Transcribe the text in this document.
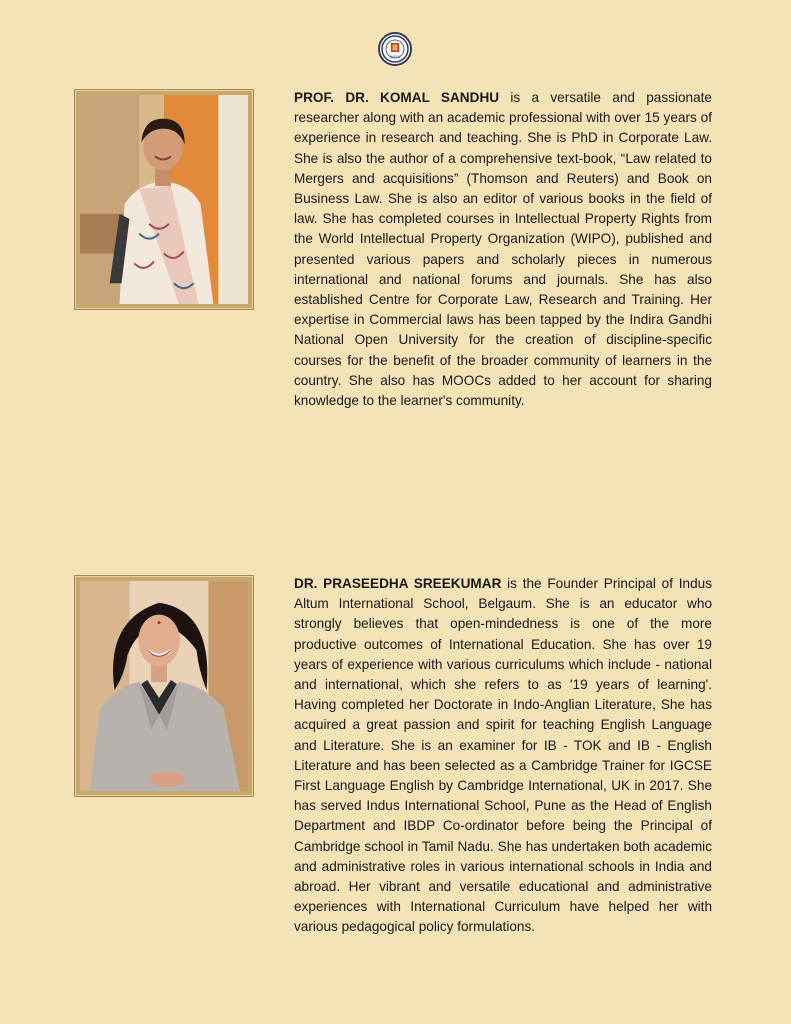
INDIA

PROF. DR. KOMAL SANDHU is a versatile and passionate researcher along with an academic professional with over 15 years of experience in research and teaching. She is PhD in Corporate Law. She is also the author of a comprehensive text-book, “Law related to Mergers and acquisitions” (Thomson and Reuters) and Book on Business Law. She is also an editor of various books in the field of law. She has completed courses in Intellectual Property Rights from the World Intellectual Property Organization (WIPO), published and presented various papers and scholarly pieces in numerous international and national forums and journals. She has also established Centre for Corporate Law, Research and Training. Her expertise in Commercial laws has been tapped by the Indira Gandhi National Open University for the creation of discipline-specific courses for the benefit of the broader community of learners in the country. She also has MOOCs added to her account for sharing knowledge to the learner's community.

DR. PRASEEDHA SREEKUMAR is the Founder Principal of Indus Altum International School, Belgaum. She is an educator who strongly believes that open-mindedness is one of the more productive outcomes of International Education. She has over 19 years of experience with various curriculums which include - national and international, which she refers to as '19 years of learning'. Having completed her Doctorate in Indo-Anglian Literature, She has acquired a great passion and spirit for teaching English Language and Literature. She is an examiner for IB - TOK and IB - English Literature and has been selected as a Cambridge Trainer for IGCSE First Language English by Cambridge International, UK in 2017. She has served Indus International School, Pune as the Head of English Department and IBDP Co-ordinator before being the Principal of Cambridge school in Tamil Nadu. She has undertaken both academic and administrative roles in various international schools in India and abroad. Her vibrant and versatile educational and administrative experiences with International Curriculum have helped her with various pedagogical policy formulations.
